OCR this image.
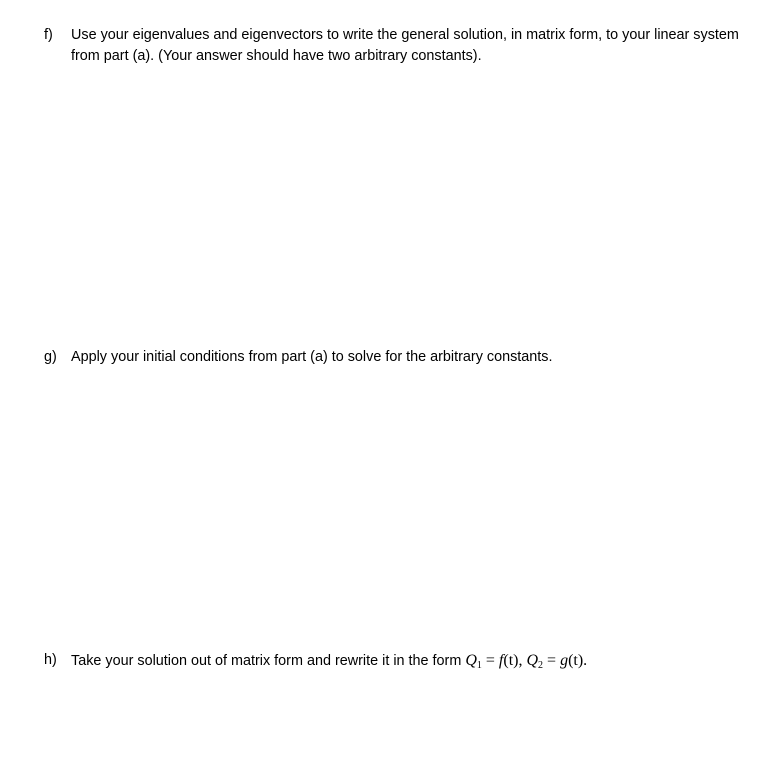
f)	Use your eigenvalues and eigenvectors to write the general solution, in matrix form, to your linear system from part (a). (Your answer should have two arbitrary constants).
g) Apply your initial conditions from part (a) to solve for the arbitrary constants.
h) Take your solution out of matrix form and rewrite it in the form Q1 = f(t), Q2 = g(t).
